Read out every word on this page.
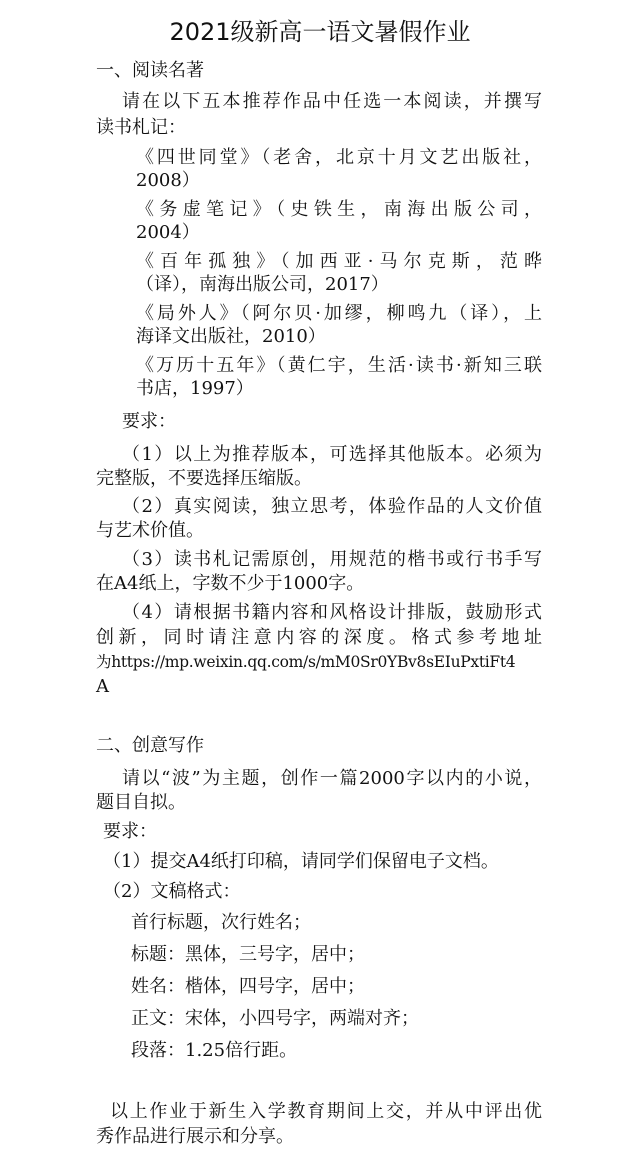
2021级新高一语文暑假作业
一、阅读名著
请在以下五本推荐作品中任选一本阅读，并撰写
读书札记：
《四世同堂》（老舍，北京十月文艺出版社，
2008）
《务虚笔记》（史铁生，南海出版公司，
2004）
《百年孤独》（加西亚·马尔克斯，范晔
（译），南海出版公司，2017）
《局外人》（阿尔贝·加缪，柳鸣九（译），上
海译文出版社，2010）
《万历十五年》（黄仁宇，生活·读书·新知三联
书店，1997）
要求：
（1）以上为推荐版本，可选择其他版本。必须为
完整版，不要选择压缩版。
（2）真实阅读，独立思考，体验作品的人文价值
与艺术价值。
（3）读书札记需原创，用规范的楷书或行书手写
在A4纸上，字数不少于1000字。
（4）请根据书籍内容和风格设计排版，鼓励形式
创新，同时请注意内容的深度。格式参考地址
为https://mp.weixin.qq.com/s/mM0Sr0YBv8sEIuPxtiFt4
A
二、创意写作
请以“波”为主题，创作一篇2000字以内的小说，
题目自拟。
要求：
（1）提交A4纸打印稿，请同学们保留电子文档。
（2）文稿格式：
首行标题，次行姓名；
标题：黑体，三号字，居中；
姓名：楷体，四号字，居中；
正文：宋体，小四号字，两端对齐；
段落：1.25倍行距。
以上作业于新生入学教育期间上交，并从中评出优
秀作品进行展示和分享。
